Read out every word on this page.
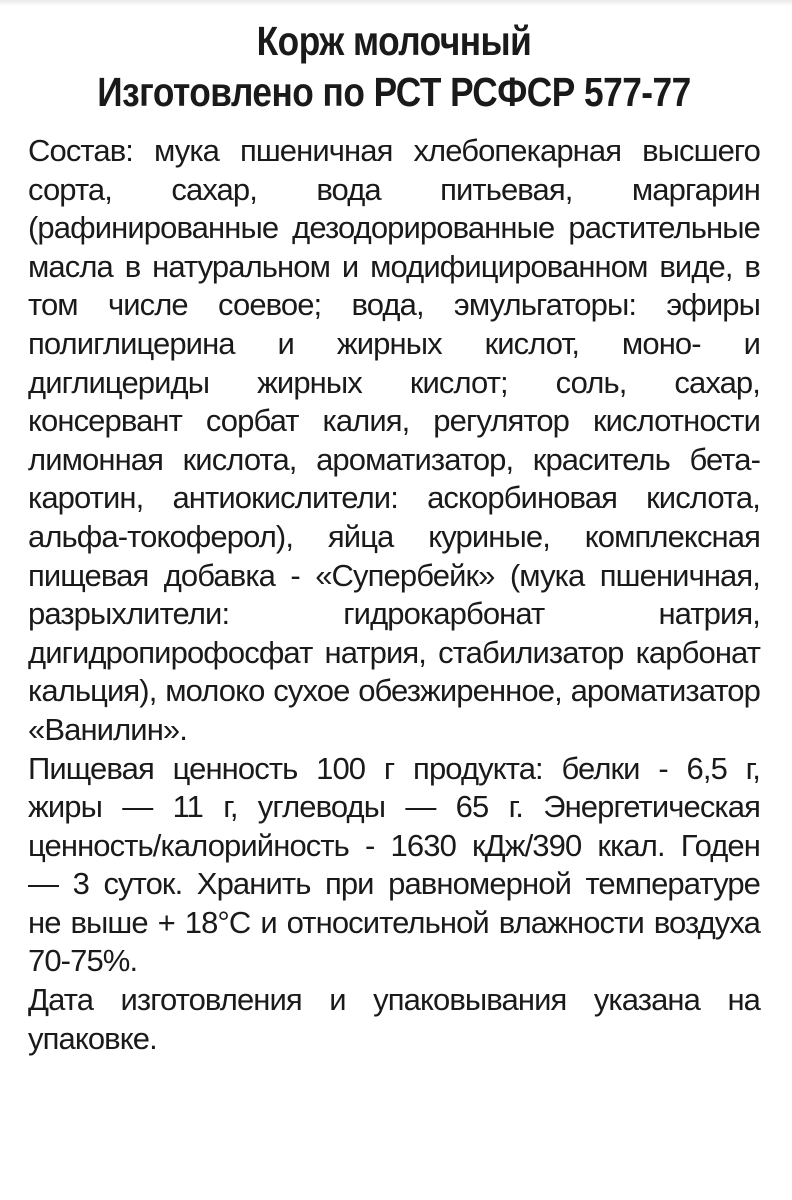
Корж молочный
Изготовлено по РСТ РСФСР 577-77

Состав: мука пшеничная хлебопекарная высшего сорта, сахар, вода питьевая, маргарин (рафинированные дезодорированные растительные масла в натуральном и модифицированном виде, в том числе соевое; вода, эмульгаторы: эфиры полиглицерина и жирных кислот, моно- и диглицериды жирных кислот; соль, сахар, консервант сорбат калия, регулятор кислотности лимонная кислота, ароматизатор, краситель бета-каротин, антиокислители: аскорбиновая кислота, альфа-токоферол), яйца куриные, комплексная пищевая добавка - «Супербейк» (мука пшеничная, разрыхлители: гидрокарбонат натрия, дигидропирофосфат натрия, стабилизатор карбонат кальция), молоко сухое обезжиренное, ароматизатор «Ванилин».

Пищевая ценность 100 г продукта: белки - 6,5 г, жиры — 11 г, углеводы — 65 г. Энергетическая ценность/калорийность - 1630 кДж/390 ккал. Годен — 3 суток. Хранить при равномерной температуре не выше + 18°С и относительной влажности воздуха 70-75%.

Дата изготовления и упаковывания указана на упаковке.
